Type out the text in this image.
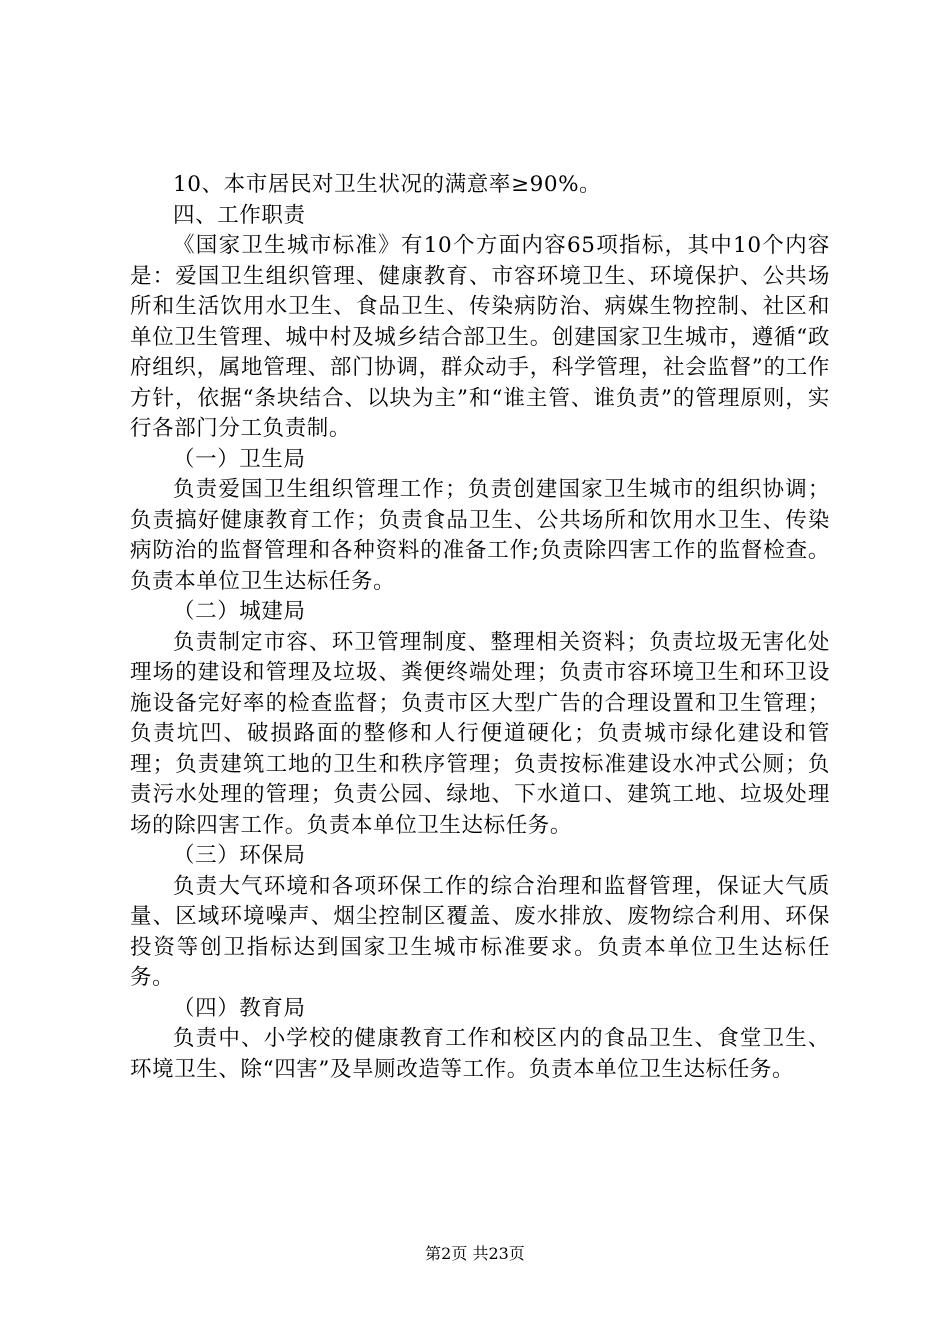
10、本市居民对卫生状况的满意率≥90%。

四、工作职责

《国家卫生城市标准》有10个方面内容65项指标，其中10个内容是：爱国卫生组织管理、健康教育、市容环境卫生、环境保护、公共场所和生活饮用水卫生、食品卫生、传染病防治、病媒生物控制、社区和单位卫生管理、城中村及城乡结合部卫生。创建国家卫生城市，遵循“政府组织，属地管理、部门协调，群众动手，科学管理，社会监督”的工作方针，依据“条块结合、以块为主”和“谁主管、谁负责”的管理原则，实行各部门分工负责制。

（一）卫生局

负责爱国卫生组织管理工作；负责创建国家卫生城市的组织协调；负责搞好健康教育工作；负责食品卫生、公共场所和饮用水卫生、传染病防治的监督管理和各种资料的准备工作;负责除四害工作的监督检查。负责本单位卫生达标任务。

（二）城建局

负责制定市容、环卫管理制度、整理相关资料；负责垃圾无害化处理场的建设和管理及垃圾、粪便终端处理；负责市容环境卫生和环卫设施设备完好率的检查监督；负责市区大型广告的合理设置和卫生管理；负责坑凹、破损路面的整修和人行便道硬化；负责城市绿化建设和管理；负责建筑工地的卫生和秩序管理；负责按标准建设水冲式公厕；负责污水处理的管理；负责公园、绿地、下水道口、建筑工地、垃圾处理场的除四害工作。负责本单位卫生达标任务。

（三）环保局

负责大气环境和各项环保工作的综合治理和监督管理，保证大气质量、区域环境噪声、烟尘控制区覆盖、废水排放、废物综合利用、环保投资等创卫指标达到国家卫生城市标准要求。负责本单位卫生达标任务。

（四）教育局

负责中、小学校的健康教育工作和校区内的食品卫生、食堂卫生、环境卫生、除“四害”及旱厕改造等工作。负责本单位卫生达标任务。

第2页 共23页
